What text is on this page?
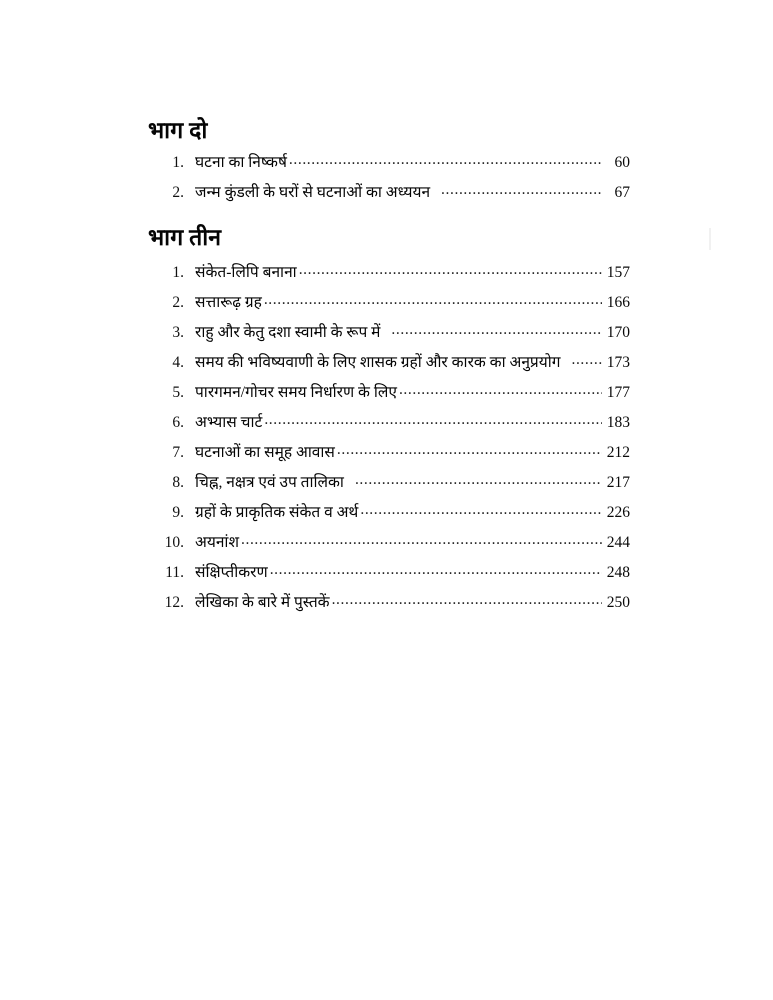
भाग दो
1. घटना का निष्कर्ष .....	60
2. जन्म कुंडली के घरों से घटनाओं का अध्ययन .....	67
भाग तीन
1. संकेत-लिपि बनाना .....	157
2. सत्तारूढ़ ग्रह .....	166
3. राहु और केतु दशा स्वामी के रूप में .....	170
4. समय की भविष्यवाणी के लिए शासक ग्रहों और कारक का अनुप्रयोग .....	173
5. पारगमन/गोचर समय निर्धारण के लिए .....	177
6. अभ्यास चार्ट .....	183
7. घटनाओं का समूह आवास .....	212
8. चिह्न, नक्षत्र एवं उप तालिका .....	217
9. ग्रहों के प्राकृतिक संकेत व अर्थ .....	226
10. अयनांश .....	244
11. संक्षिप्तीकरण .....	248
12. लेखिका के बारे में पुस्तकें .....	250
